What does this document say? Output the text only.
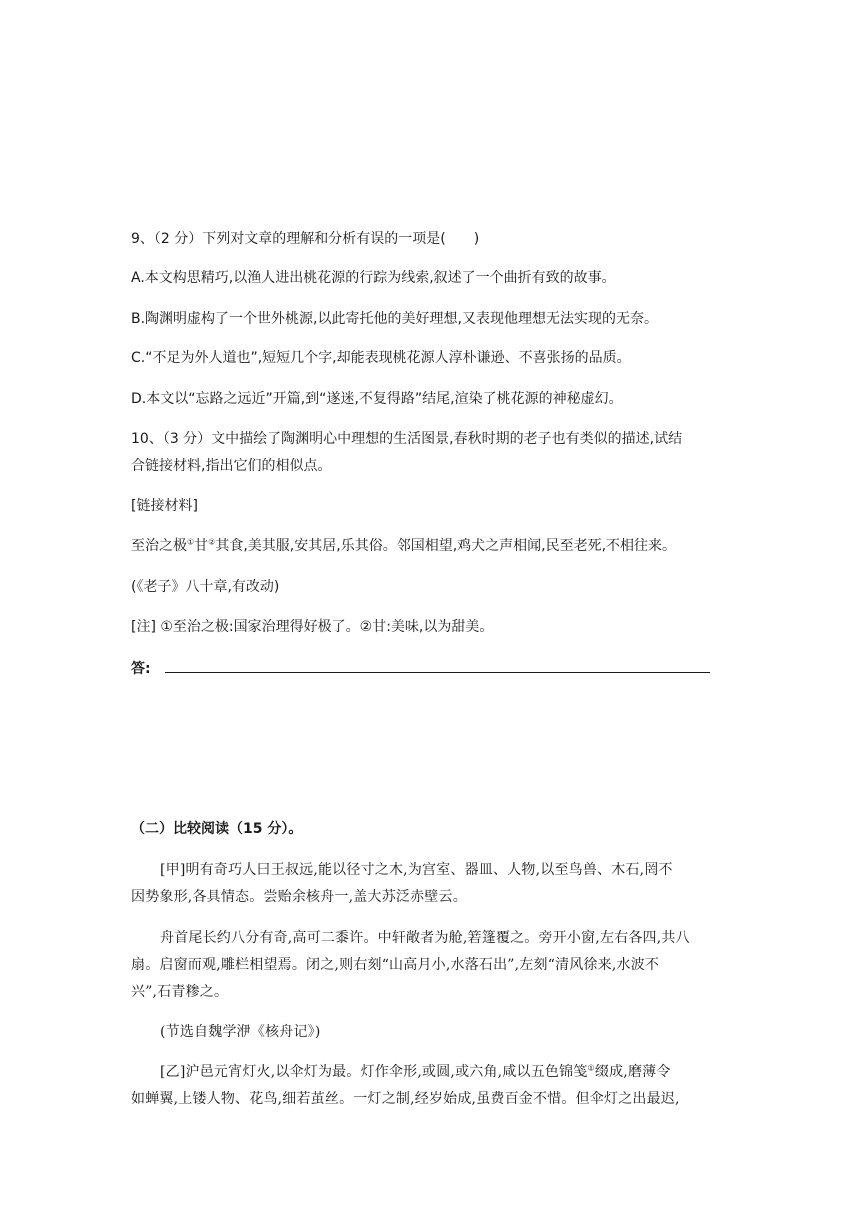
9、（2 分）下列对文章的理解和分析有误的一项是(　　)
A.本文构思精巧,以渔人进出桃花源的行踪为线索,叙述了一个曲折有致的故事。
B.陶渊明虚构了一个世外桃源,以此寄托他的美好理想,又表现他理想无法实现的无奈。
C.“不足为外人道也”,短短几个字,却能表现桃花源人淳朴谦逊、不喜张扬的品质。
D.本文以“忘路之远近”开篇,到“遂迷,不复得路”结尾,渲染了桃花源的神秘虚幻。
10、（3 分）文中描绘了陶渊明心中理想的生活图景,春秋时期的老子也有类似的描述,试结
合链接材料,指出它们的相似点。
[链接材料]
至治之极①甘②其食,美其服,安其居,乐其俗。邻国相望,鸡犬之声相闻,民至老死,不相往来。
(《老子》八十章,有改动)
[注] ①至治之极:国家治理得好极了。②甘:美味,以为甜美。
答:
（二）比较阅读（15 分）。
[甲]明有奇巧人曰王叔远,能以径寸之木,为宫室、器皿、人物,以至鸟兽、木石,罔不
因势象形,各具情态。尝贻余核舟一,盖大苏泛赤壁云。
舟首尾长约八分有奇,高可二黍许。中轩敞者为舱,箬篷覆之。旁开小窗,左右各四,共八
扇。启窗而观,雕栏相望焉。闭之,则右刻“山高月小,水落石出”,左刻“清风徐来,水波不
兴”,石青糁之。
(节选自魏学洢《核舟记》)
[乙]沪邑元宵灯火,以伞灯为最。灯作伞形,或圆,或六角,咸以五色锦笺①缀成,磨薄令
如蝉翼,上镂人物、花鸟,细若茧丝。一灯之制,经岁始成,虽费百金不惜。但伞灯之出最迟,
